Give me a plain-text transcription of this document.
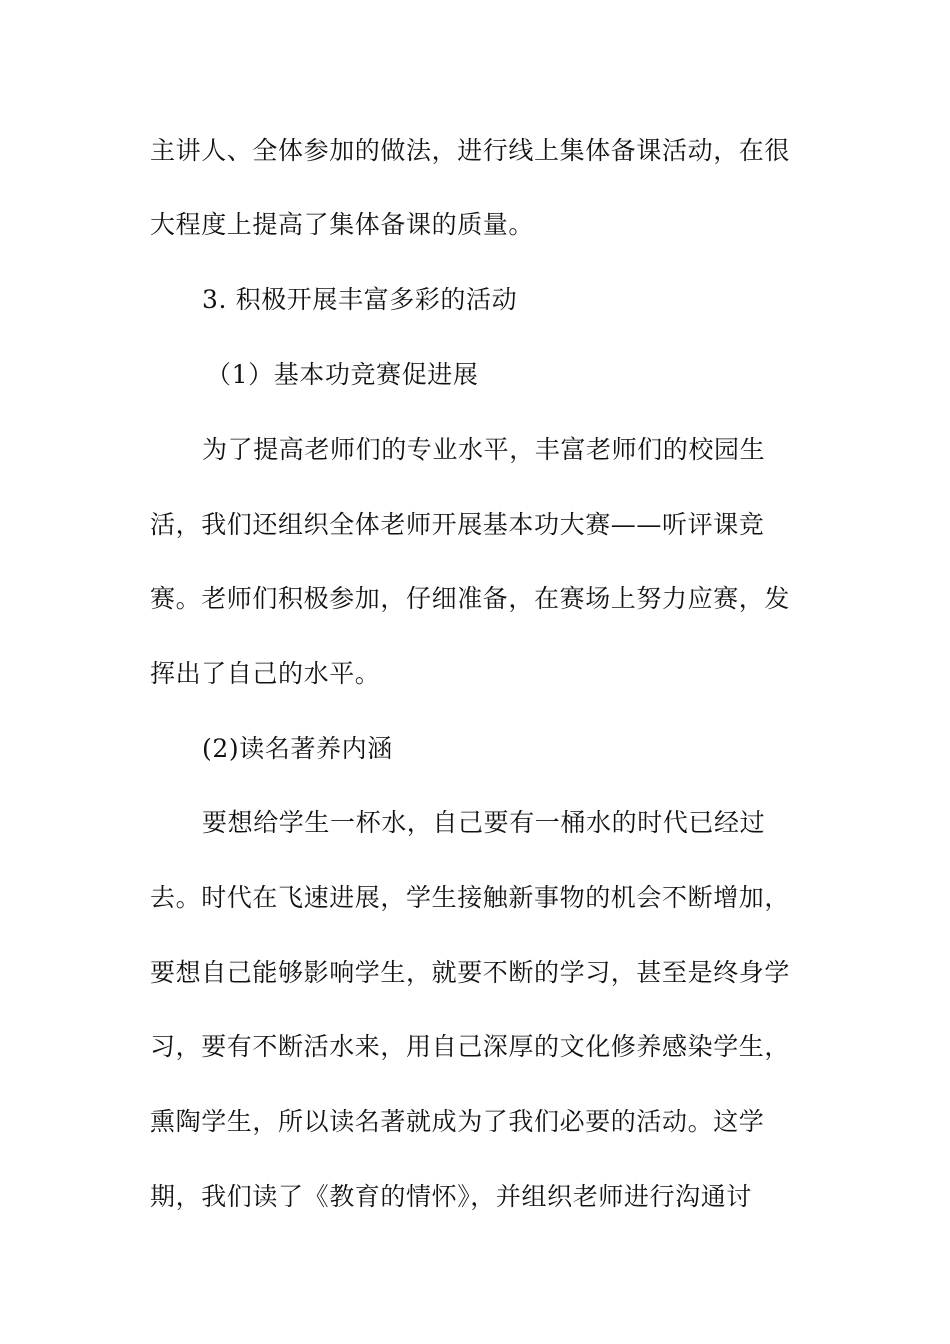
主讲人、全体参加的做法，进行线上集体备课活动，在很
大程度上提高了集体备课的质量。
3. 积极开展丰富多彩的活动
（1）基本功竞赛促进展
为了提高老师们的专业水平，丰富老师们的校园生
活，我们还组织全体老师开展基本功大赛——听评课竞
赛。老师们积极参加，仔细准备，在赛场上努力应赛，发
挥出了自己的水平。
(2)读名著养内涵
要想给学生一杯水，自己要有一桶水的时代已经过
去。时代在飞速进展，学生接触新事物的机会不断增加，
要想自己能够影响学生，就要不断的学习，甚至是终身学
习，要有不断活水来，用自己深厚的文化修养感染学生，
熏陶学生，所以读名著就成为了我们必要的活动。这学
期，我们读了《教育的情怀》，并组织老师进行沟通讨
